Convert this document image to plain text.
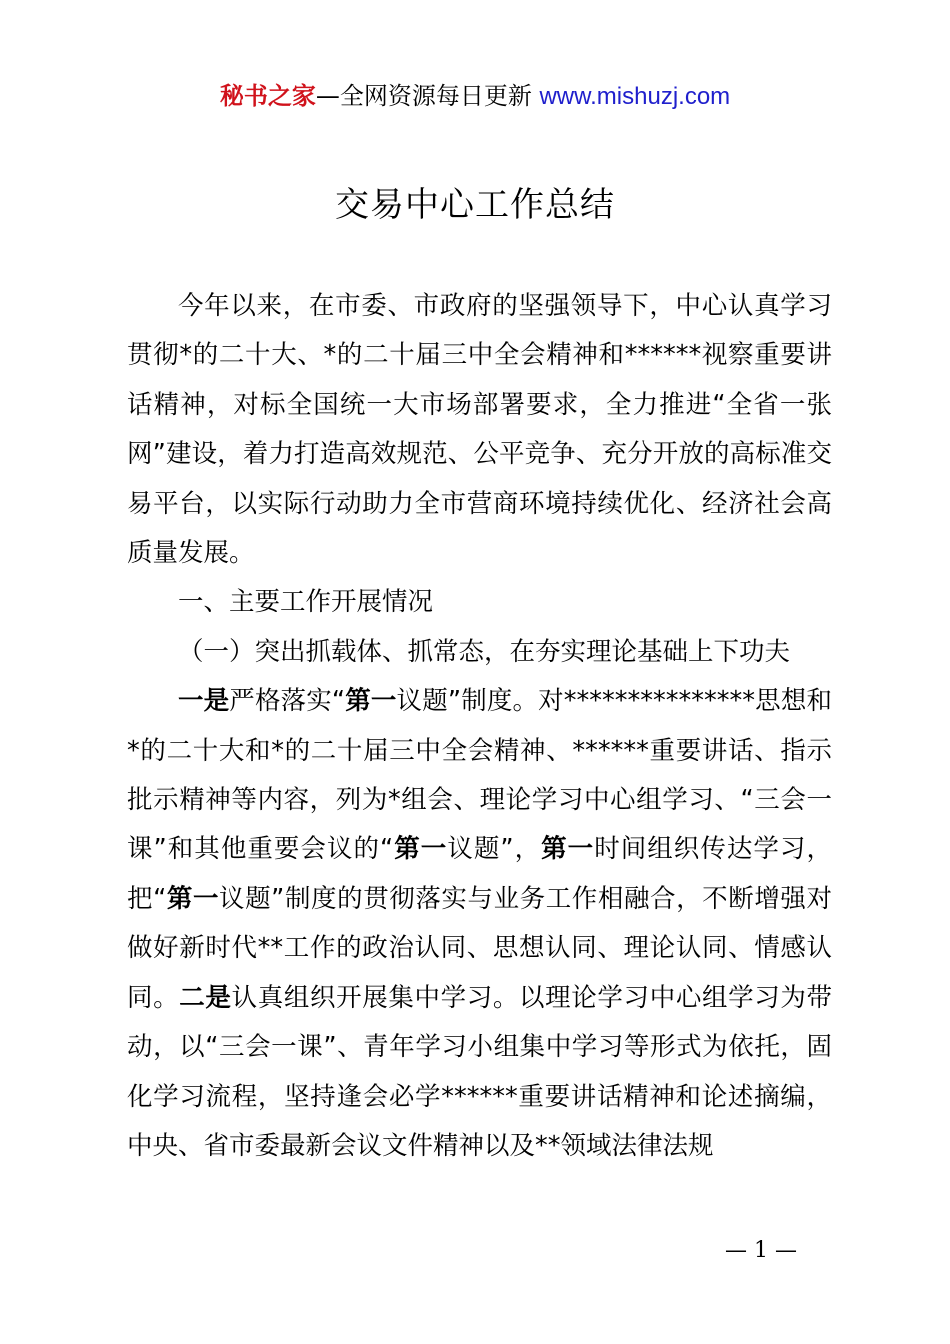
秘书之家—全网资源每日更新 www.mishuzj.com
交易中心工作总结

今年以来，在市委、市政府的坚强领导下，中心认真学习贯彻*的二十大、*的二十届三中全会精神和******视察重要讲话精神，对标全国统一大市场部署要求，全力推进“全省一张网”建设，着力打造高效规范、公平竞争、充分开放的高标准交易平台，以实际行动助力全市营商环境持续优化、经济社会高质量发展。

一、主要工作开展情况

（一）突出抓载体、抓常态，在夯实理论基础上下功夫

一是严格落实“第一议题”制度。对***************思想和*的二十大和*的二十届三中全会精神、******重要讲话、指示批示精神等内容，列为*组会、理论学习中心组学习、“三会一课”和其他重要会议的“第一议题”，第一时间组织传达学习，把“第一议题”制度的贯彻落实与业务工作相融合，不断增强对做好新时代**工作的政治认同、思想认同、理论认同、情感认同。二是认真组织开展集中学习。以理论学习中心组学习为带动，以“三会一课”、青年学习小组集中学习等形式为依托，固化学习流程，坚持逢会必学******重要讲话精神和论述摘编，中央、省市委最新会议文件精神以及**领域法律法规

— 1 —
